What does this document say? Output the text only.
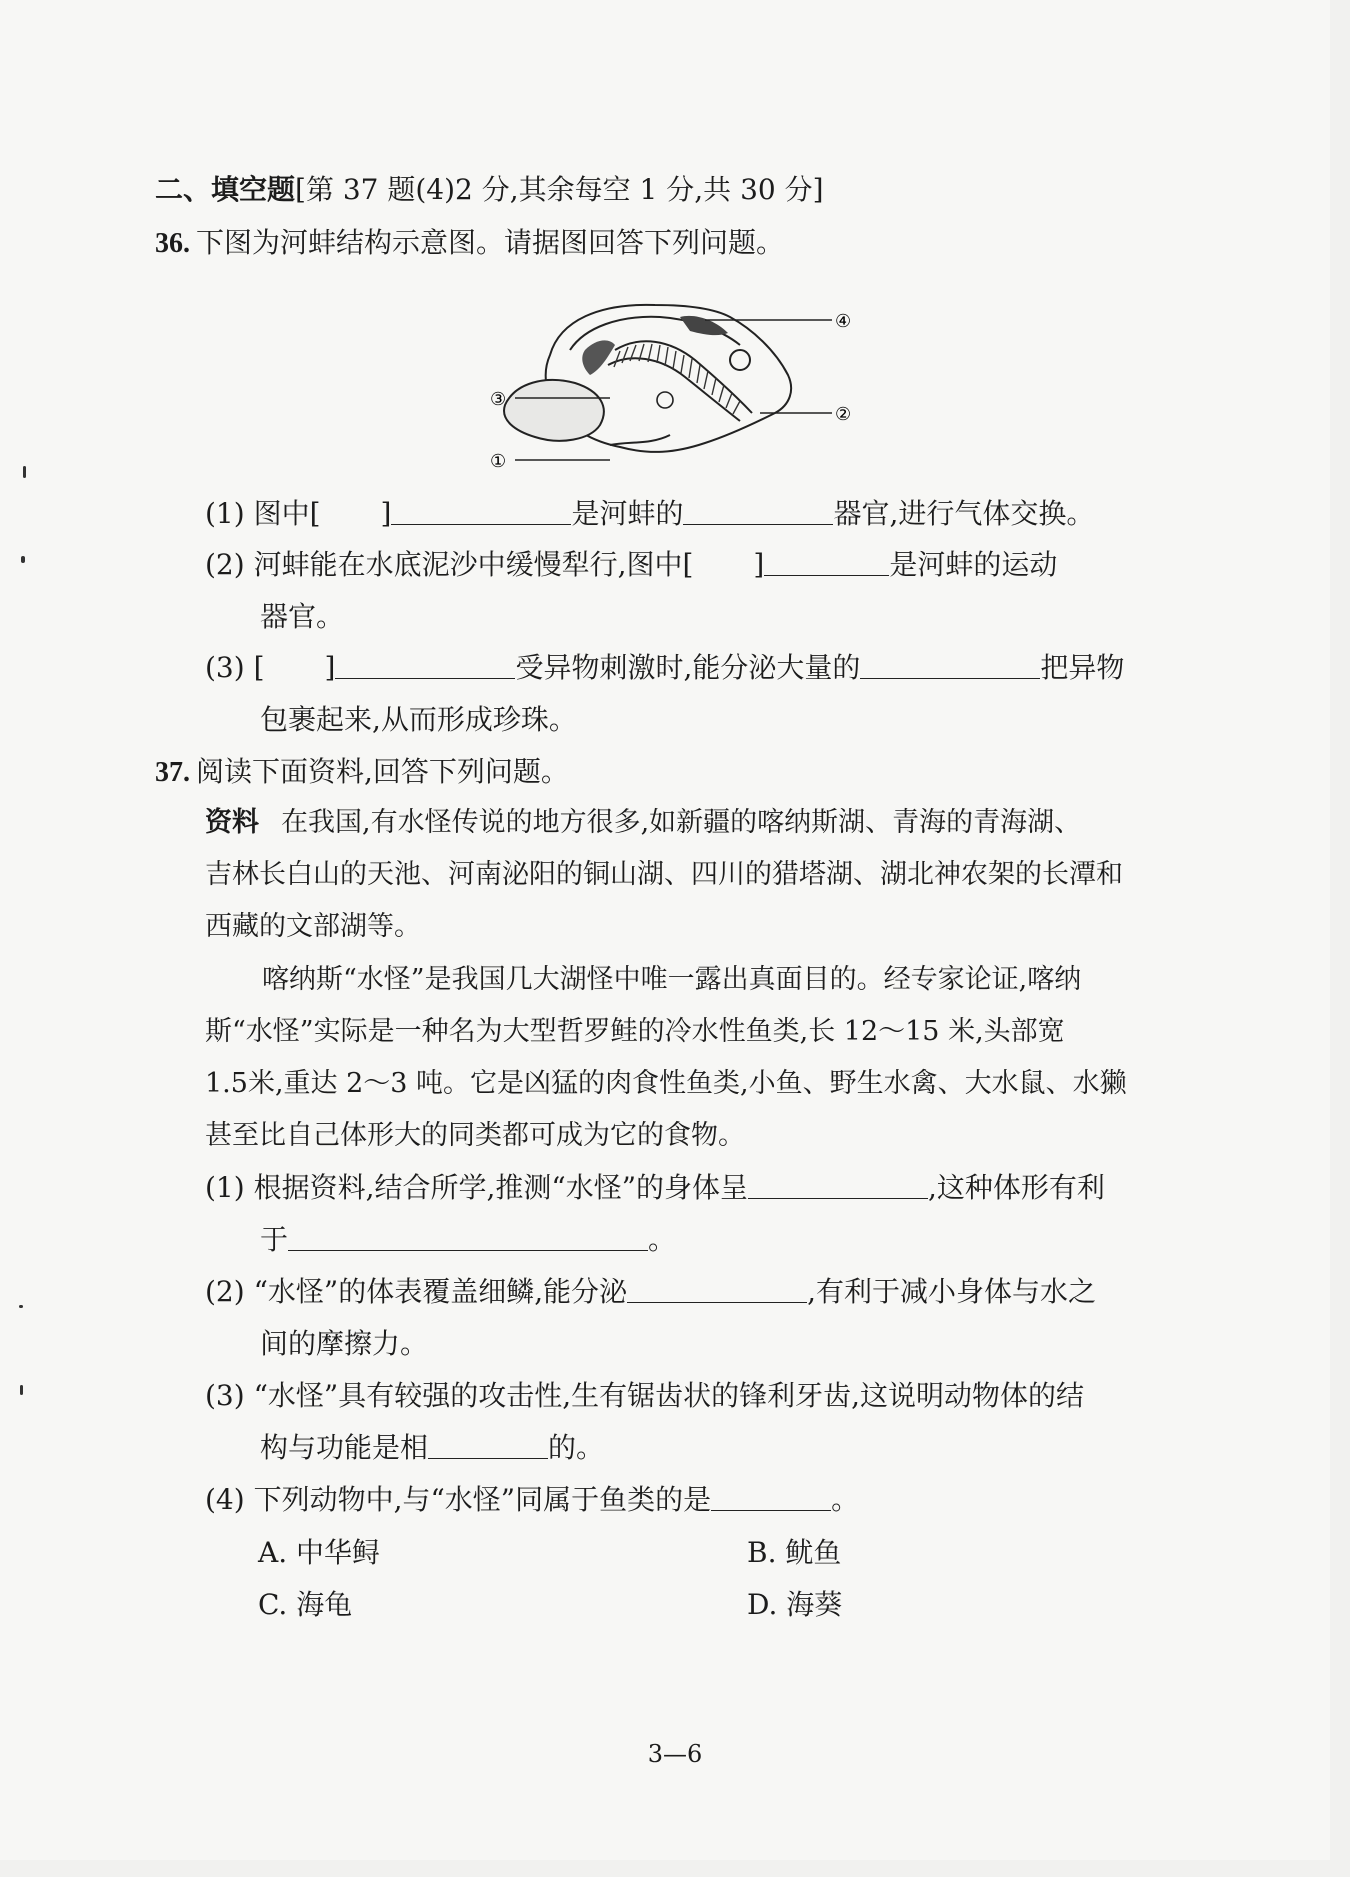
二、填空题[第 37 题(4)2 分,其余每空 1 分,共 30 分]
36. 下图为河蚌结构示意图。请据图回答下列问题。
④
③
②
①
(1) 图中[ ]	是河蚌的	器官,进行气体交换。
(2) 河蚌能在水底泥沙中缓慢犁行,图中[ ]	是河蚌的运动
器官。
(3) [ ]	受异物刺激时,能分泌大量的	把异物
包裹起来,从而形成珍珠。
37. 阅读下面资料,回答下列问题。
资料 在我国,有水怪传说的地方很多,如新疆的喀纳斯湖、青海的青海湖、
吉林长白山的天池、河南泌阳的铜山湖、四川的猎塔湖、湖北神农架的长潭和
西藏的文部湖等。
喀纳斯“水怪”是我国几大湖怪中唯一露出真面目的。经专家论证,喀纳
斯“水怪”实际是一种名为大型哲罗鲑的冷水性鱼类,长 12～15 米,头部宽
1.5米,重达 2～3 吨。它是凶猛的肉食性鱼类,小鱼、野生水禽、大水鼠、水獭
甚至比自己体形大的同类都可成为它的食物。
(1) 根据资料,结合所学,推测“水怪”的身体呈	,这种体形有利
于	。
(2) “水怪”的体表覆盖细鳞,能分泌	,有利于减小身体与水之
间的摩擦力。
(3) “水怪”具有较强的攻击性,生有锯齿状的锋利牙齿,这说明动物体的结
构与功能是相	的。
(4) 下列动物中,与“水怪”同属于鱼类的是	。
A. 中华鲟	B. 鱿鱼
C. 海龟	D. 海葵
3—6
